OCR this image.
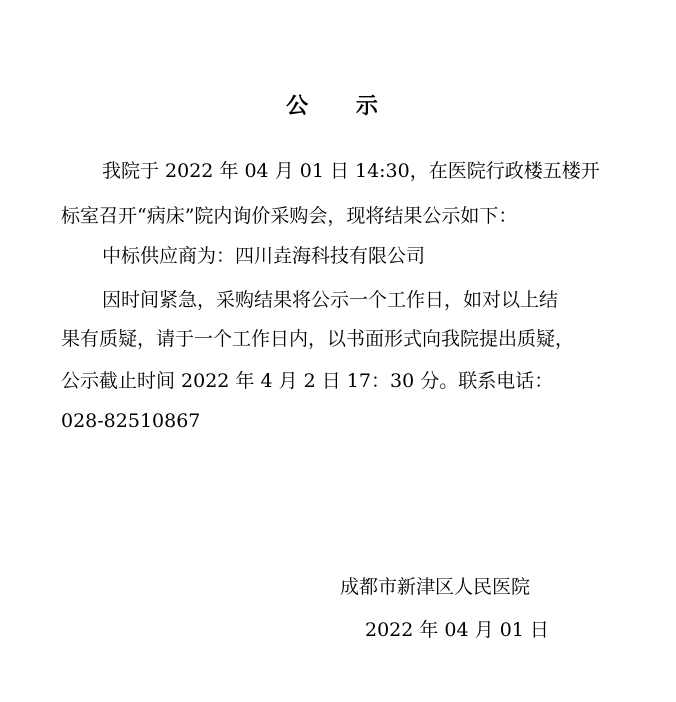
公 示
我院于 2022 年 04 月 01 日 14:30，在医院行政楼五楼开
标室召开“病床”院内询价采购会，现将结果公示如下：
中标供应商为：四川垚海科技有限公司
因时间紧急，采购结果将公示一个工作日，如对以上结
果有质疑，请于一个工作日内，以书面形式向我院提出质疑，
公示截止时间 2022 年 4 月 2 日 17：30 分。联系电话：
028-82510867
成都市新津区人民医院
2022 年 04 月 01 日
